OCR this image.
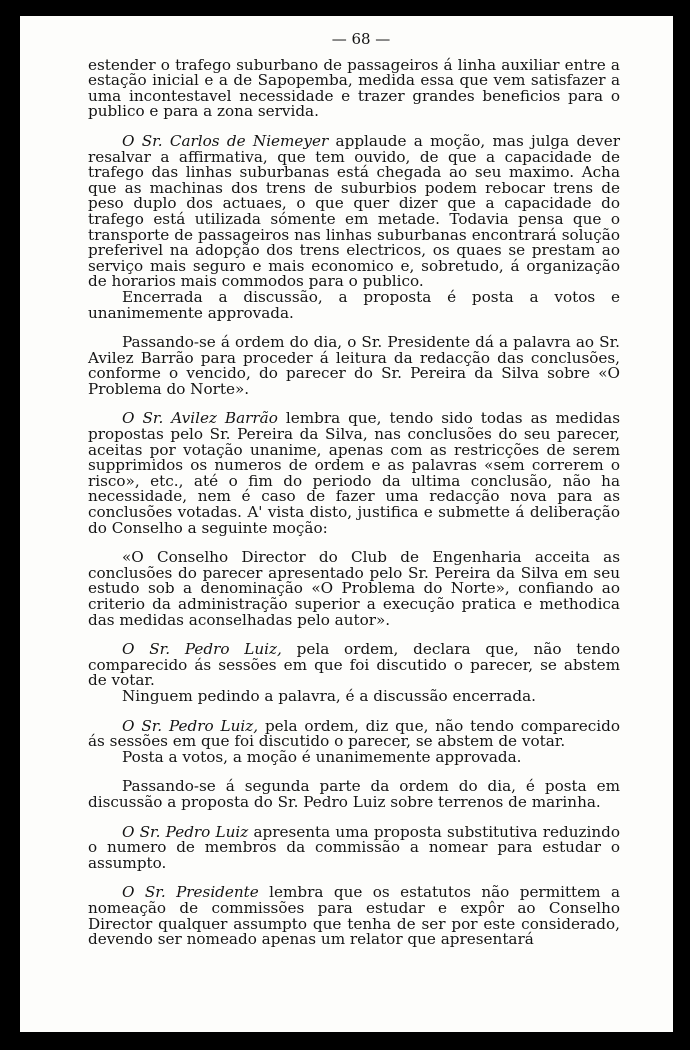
— 68 —

estender o trafego suburbano de passageiros á linha auxiliar entre a estação inicial e a de Sapopemba, medida essa que vem satisfazer a uma incontestavel necessidade e trazer grandes beneficios para o publico e para a zona servida.

O Sr. Carlos de Niemeyer applaude a moção, mas julga dever resalvar a affirmativa, que tem ouvido, de que a capacidade de trafego das linhas suburbanas está chegada ao seu maximo. Acha que as machinas dos trens de suburbios podem rebocar trens de peso duplo dos actuaes, o que quer dizer que a capacidade do trafego está utilizada sómente em metade. Todavia pensa que o transporte de passageiros nas linhas suburbanas encontrará solução preferivel na adopção dos trens electricos, os quaes se prestam ao serviço mais seguro e mais economico e, sobretudo, á organização de horarios mais commodos para o publico.

Encerrada a discussão, a proposta é posta a votos e unanimemente approvada.

Passando-se á ordem do dia, o Sr. Presidente dá a palavra ao Sr. Avilez Barrão para proceder á leitura da redacção das conclusões, conforme o vencido, do parecer do Sr. Pereira da Silva sobre «O Problema do Norte».

O Sr. Avilez Barrão lembra que, tendo sido todas as medidas propostas pelo Sr. Pereira da Silva, nas conclusões do seu parecer, aceitas por votação unanime, apenas com as restricções de serem supprimidos os numeros de ordem e as palavras «sem correrem o risco», etc., até o fim do periodo da ultima conclusão, não ha necessidade, nem é caso de fazer uma redacção nova para as conclusões votadas. A' vista disto, justifica e submette á deliberação do Conselho a seguinte moção:

«O Conselho Director do Club de Engenharia acceita as conclusões do parecer apresentado pelo Sr. Pereira da Silva em seu estudo sob a denominação «O Problema do Norte», confiando ao criterio da administração superior a execução pratica e methodica das medidas aconselhadas pelo autor».

O Sr. Pedro Luiz, pela ordem, declara que, não tendo comparecido ás sessões em que foi discutido o parecer, se abstem de votar.

Ninguem pedindo a palavra, é a discussão encerrada.

O Sr. Pedro Luiz, pela ordem, diz que, não tendo comparecido ás sessões em que foi discutido o parecer, se abstem de votar.

Posta a votos, a moção é unanimemente approvada.

Passando-se á segunda parte da ordem do dia, é posta em discussão a proposta do Sr. Pedro Luiz sobre terrenos de marinha.

O Sr. Pedro Luiz apresenta uma proposta substitutiva reduzindo o numero de membros da commissão a nomear para estudar o assumpto.

O Sr. Presidente lembra que os estatutos não permittem a nomeação de commissões para estudar e expôr ao Conselho Director qualquer assumpto que tenha de ser por este considerado, devendo ser nomeado apenas um relator que apresentará
